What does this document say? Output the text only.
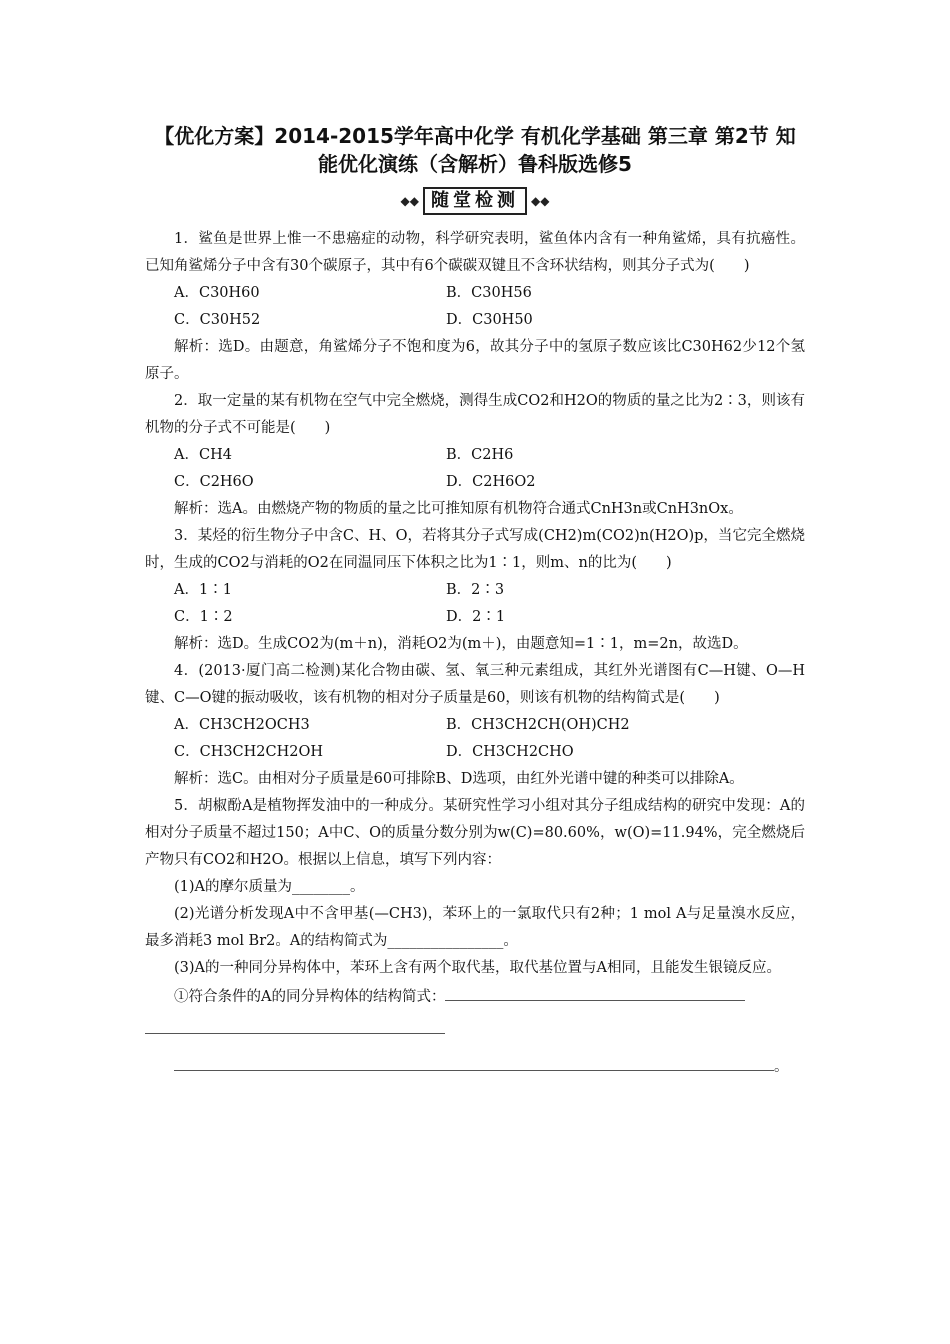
【优化方案】2014-2015学年高中化学 有机化学基础 第三章 第2节 知能优化演练（含解析）鲁科版选修5
◆◆ 随堂检测	◆◆

1．鲨鱼是世界上惟一不患癌症的动物，科学研究表明，鲨鱼体内含有一种角鲨烯，具有抗癌性。已知角鲨烯分子中含有30个碳原子，其中有6个碳碳双键且不含环状结构，则其分子式为(　　)

A．C30H60	B．C30H56
C．C30H52	D．C30H50

解析：选D。由题意，角鲨烯分子不饱和度为6，故其分子中的氢原子数应该比C30H62少12个氢原子。

2．取一定量的某有机物在空气中完全燃烧，测得生成CO2和H2O的物质的量之比为2∶3，则该有机物的分子式不可能是(　　)

A．CH4	B．C2H6
C．C2H6O	D．C2H6O2

解析：选A。由燃烧产物的物质的量之比可推知原有机物符合通式CnH3n或CnH3nOx。

3．某烃的衍生物分子中含C、H、O，若将其分子式写成(CH2)m(CO2)n(H2O)p，当它完全燃烧时，生成的CO2与消耗的O2在同温同压下体积之比为1∶1，则m、n的比为(　　)

A．1∶1	B．2∶3
C．1∶2	D．2∶1

解析：选D。生成CO2为(m＋n)，消耗O2为(m＋)，由题意知=1∶1，m=2n，故选D。

4．(2013·厦门高二检测)某化合物由碳、氢、氧三种元素组成，其红外光谱图有C—H键、O—H键、C—O键的振动吸收，该有机物的相对分子质量是60，则该有机物的结构简式是(　　)

A．CH3CH2OCH3	B．CH3CH2CH(OH)CH2
C．CH3CH2CH2OH	D．CH3CH2CHO

解析：选C。由相对分子质量是60可排除B、D选项，由红外光谱中键的种类可以排除A。

5．胡椒酚A是植物挥发油中的一种成分。某研究性学习小组对其分子组成结构的研究中发现：A的相对分子质量不超过150；A中C、O的质量分数分别为w(C)=80.60%，w(O)=11.94%，完全燃烧后产物只有CO2和H2O。根据以上信息，填写下列内容：

(1)A的摩尔质量为________。

(2)光谱分析发现A中不含甲基(—CH3)，苯环上的一氯取代只有2种；1 mol A与足量溴水反应，最多消耗3 mol Br2。A的结构简式为________________。

(3)A的一种同分异构体中，苯环上含有两个取代基，取代基位置与A相同，且能发生银镜反应。

①符合条件的A的同分异构体的结构简式：

。
